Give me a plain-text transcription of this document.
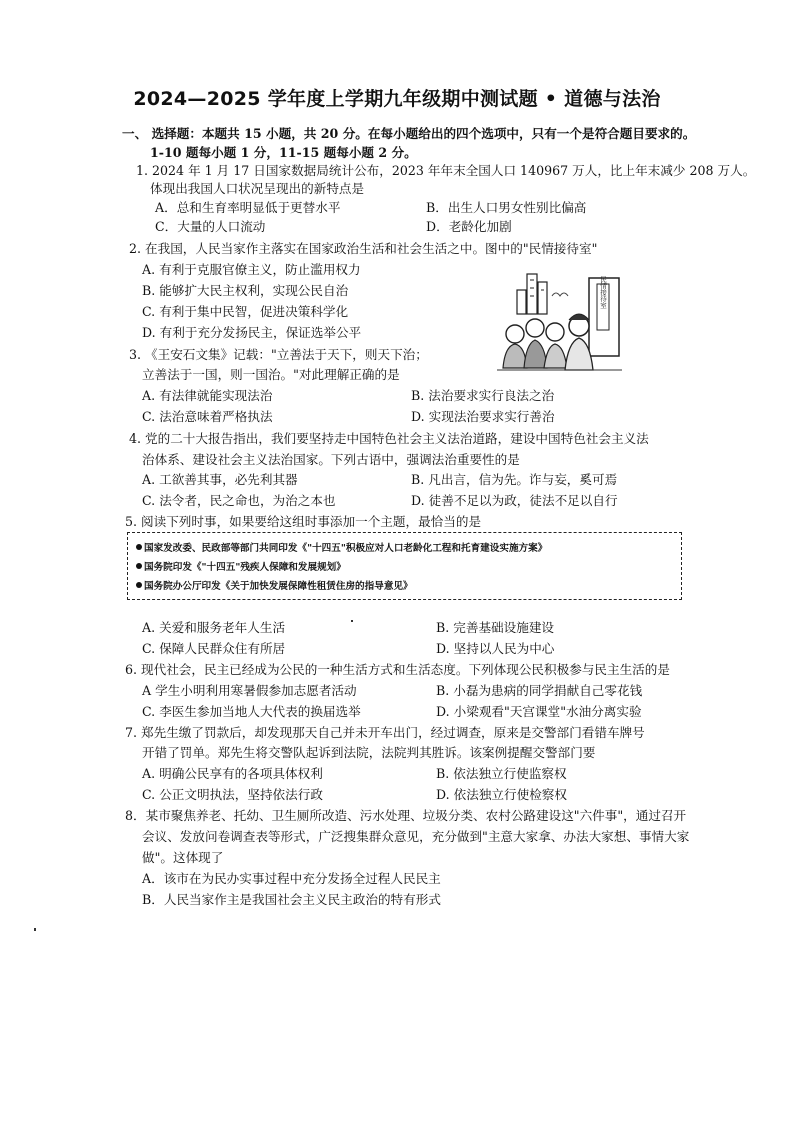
2024—2025 学年度上学期九年级期中测试题 • 道德与法治
一、 选择题：本题共 15 小题，共 20 分。在每小题给出的四个选项中，只有一个是符合题目要求的。
1-10 题每小题 1 分，11-15 题每小题 2 分。
1. 2024 年 1 月 17 日国家数据局统计公布，2023 年年末全国人口 140967 万人，比上年末减少 208 万人。
体现出我国人口状况呈现出的新特点是
A．总和生育率明显低于更替水平	B．出生人口男女性别比偏高
C．大量的人口流动	D．老龄化加剧
2. 在我国，人民当家作主落实在国家政治生活和社会生活之中。图中的"民情接待室"
A. 有利于克服官僚主义，防止滥用权力
B. 能够扩大民主权利，实现公民自治
C. 有利于集中民智，促进决策科学化
D. 有利于充分发扬民主，保证选举公平
民情接待室
3. 《王安石文集》记载："立善法于天下，则天下治；
立善法于一国，则一国治。"对此理解正确的是
A. 有法律就能实现法治	B. 法治要求实行良法之治
C. 法治意味着严格执法	D. 实现法治要求实行善治
4. 党的二十大报告指出，我们要坚持走中国特色社会主义法治道路，建设中国特色社会主义法
治体系、建设社会主义法治国家。下列古语中，强调法治重要性的是
A. 工欲善其事，必先利其器	B. 凡出言，信为先。诈与妄，奚可焉
C. 法令者，民之命也，为治之本也	D. 徒善不足以为政，徒法不足以自行
5. 阅读下列时事，如果要给这组时事添加一个主题，最恰当的是
国家发改委、民政部等部门共同印发《"十四五"积极应对人口老龄化工程和托育建设实施方案》
国务院印发《"十四五"残疾人保障和发展规划》
国务院办公厅印发《关于加快发展保障性租赁住房的指导意见》
A. 关爱和服务老年人生活	B. 完善基础设施建设
C. 保障人民群众住有所居	D. 坚持以人民为中心
6. 现代社会，民主已经成为公民的一种生活方式和生活态度。下列体现公民积极参与民主生活的是
A 学生小明利用寒暑假参加志愿者活动	B. 小磊为患病的同学捐献自己零花钱
C. 李医生参加当地人大代表的换届选举	D. 小梁观看"天宫课堂"水油分离实验
7. 郑先生缴了罚款后，却发现那天自己并未开车出门，经过调查，原来是交警部门看错车牌号
开错了罚单。郑先生将交警队起诉到法院，法院判其胜诉。该案例提醒交警部门要
A. 明确公民享有的各项具体权利	B. 依法独立行使监察权
C. 公正文明执法，坚持依法行政	D. 依法独立行使检察权
8．某市聚焦养老、托幼、卫生厕所改造、污水处理、垃圾分类、农村公路建设这"六件事"，通过召开
会议、发放问卷调查表等形式，广泛搜集群众意见，充分做到"主意大家拿、办法大家想、事情大家
做"。这体现了
A．该市在为民办实事过程中充分发扬全过程人民民主
B．人民当家作主是我国社会主义民主政治的特有形式
